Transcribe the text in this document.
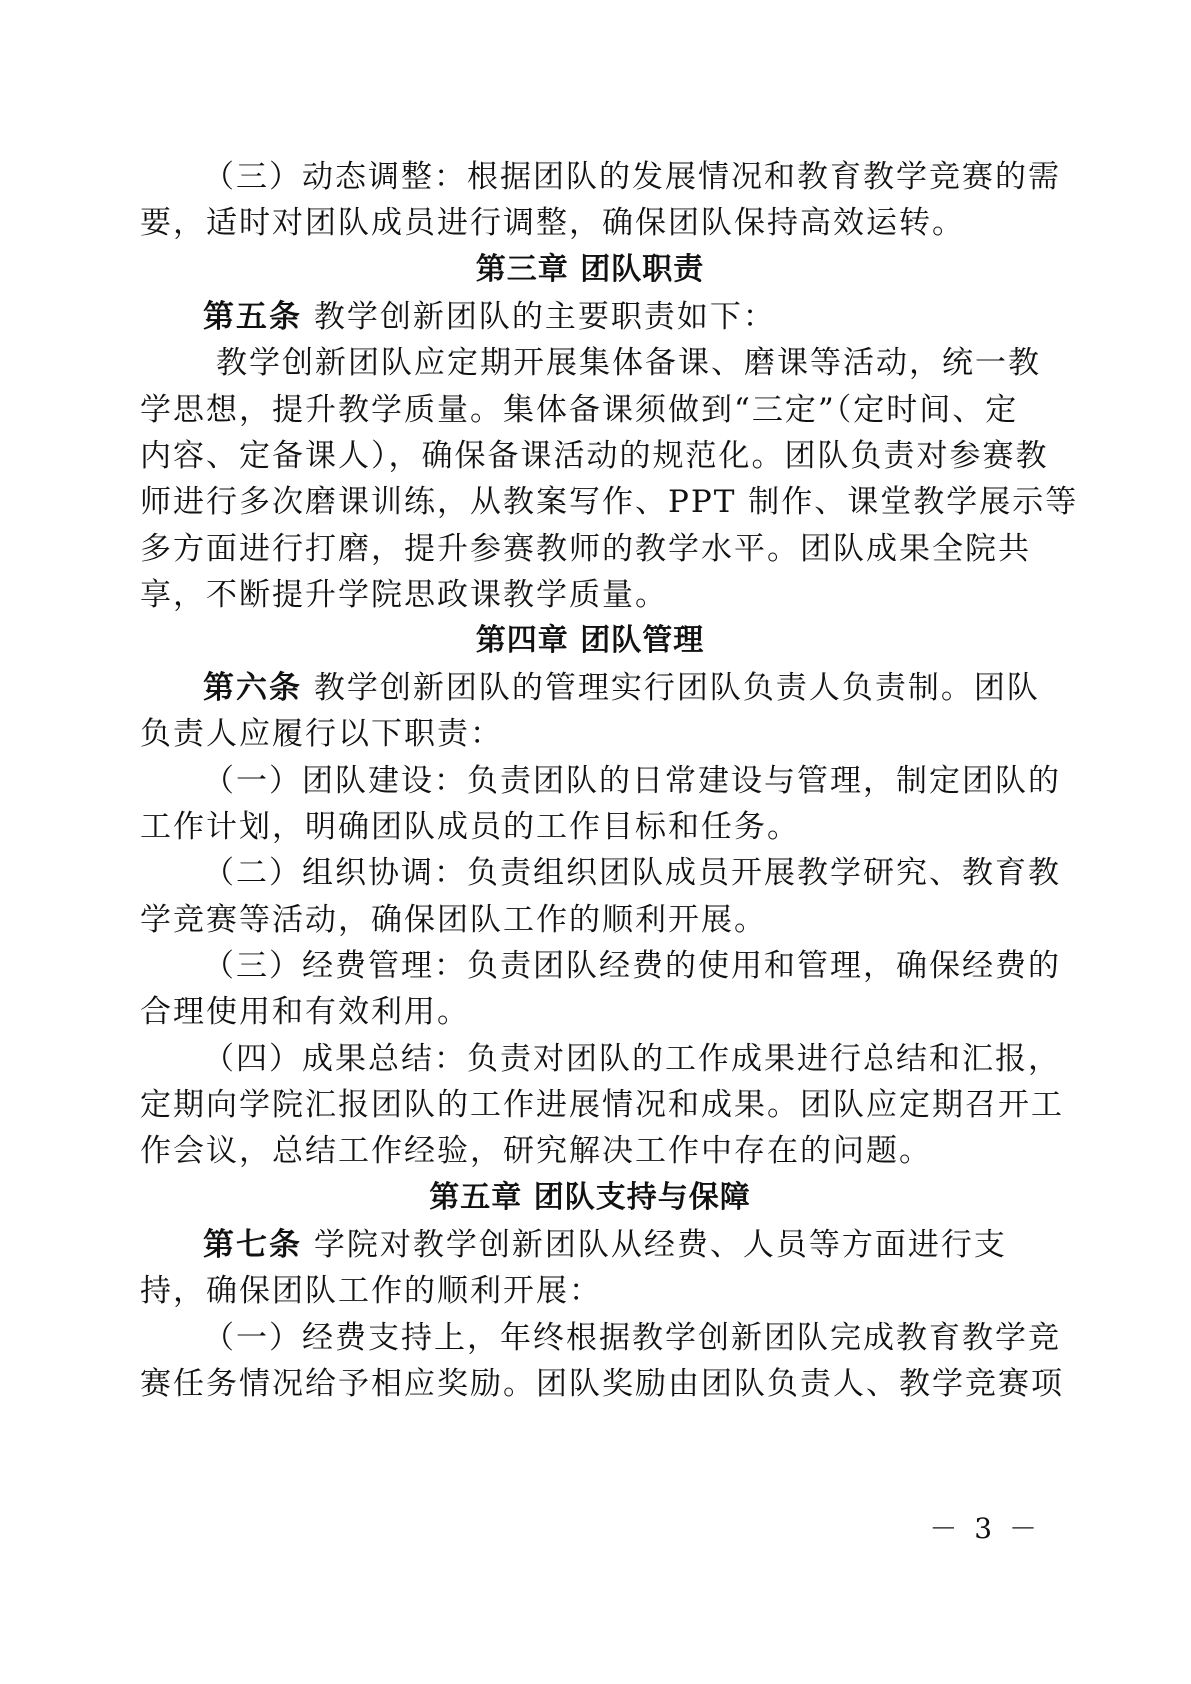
（三）动态调整：根据团队的发展情况和教育教学竞赛的需
要，适时对团队成员进行调整，确保团队保持高效运转。
第三章 团队职责
第五条 教学创新团队的主要职责如下：
教学创新团队应定期开展集体备课、磨课等活动，统一教
学思想，提升教学质量。集体备课须做到“三定”（定时间、定
内容、定备课人），确保备课活动的规范化。团队负责对参赛教
师进行多次磨课训练，从教案写作、PPT 制作、课堂教学展示等
多方面进行打磨，提升参赛教师的教学水平。团队成果全院共
享，不断提升学院思政课教学质量。
第四章 团队管理
第六条 教学创新团队的管理实行团队负责人负责制。团队
负责人应履行以下职责：
（一）团队建设：负责团队的日常建设与管理，制定团队的
工作计划，明确团队成员的工作目标和任务。
（二）组织协调：负责组织团队成员开展教学研究、教育教
学竞赛等活动，确保团队工作的顺利开展。
（三）经费管理：负责团队经费的使用和管理，确保经费的
合理使用和有效利用。
（四）成果总结：负责对团队的工作成果进行总结和汇报，
定期向学院汇报团队的工作进展情况和成果。团队应定期召开工
作会议，总结工作经验，研究解决工作中存在的问题。
第五章 团队支持与保障
第七条 学院对教学创新团队从经费、人员等方面进行支
持，确保团队工作的顺利开展：
（一）经费支持上，年终根据教学创新团队完成教育教学竞
赛任务情况给予相应奖励。团队奖励由团队负责人、教学竞赛项
－ 3 －
